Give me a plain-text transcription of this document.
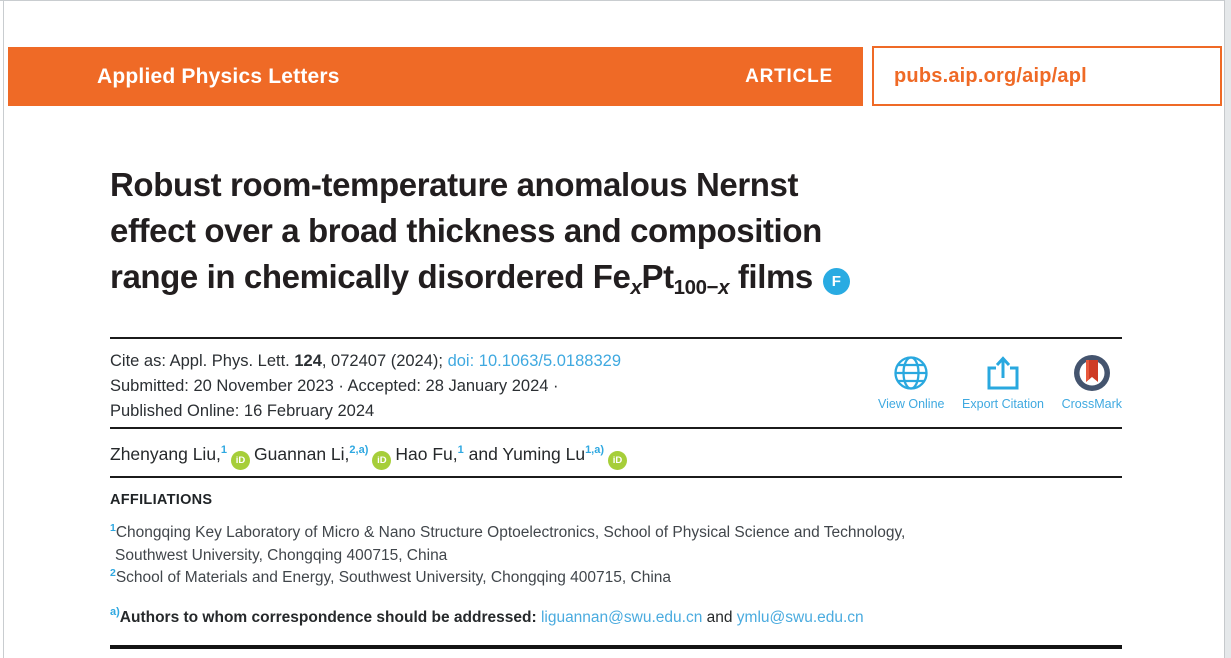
Applied Physics Letters	ARTICLE	pubs.aip.org/aip/apl
Robust room-temperature anomalous Nernst
effect over a broad thickness and composition
range in chemically disordered $Fe_xPt_{100-x}$ films F
Cite as: Appl. Phys. Lett. 124, 072407 (2024); doi: 10.1063/5.0188329
Submitted: 20 November 2023 · Accepted: 28 January 2024 ·
Published Online: 16 February 2024	View Online Export Citation CrossMark
Zhenyang Liu,$^1$iD Guannan Li,$^{2,a)}$iD Hao Fu,$^1$ and Yuming Lu$^{1,a)}$iD
AFFILIATIONS
$^1$Chongqing Key Laboratory of Micro & Nano Structure Optoelectronics, School of Physical Science and Technology,
Southwest University, Chongqing 400715, China
$^2$School of Materials and Energy, Southwest University, Chongqing 400715, China
$^{a)}$Authors to whom correspondence should be addressed: liguannan@swu.edu.cn and ymlu@swu.edu.cn
